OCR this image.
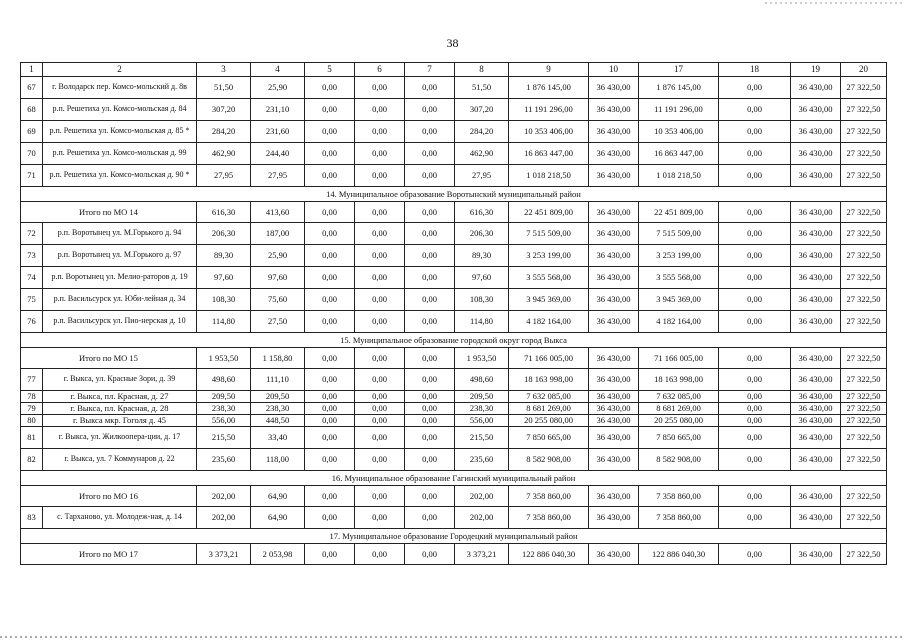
38
1	2	3	4	5	6	7	8	9	10	17	18	19	20
67	г. Володарск пер. Комсо-мольский д. 8в	51,50	25,90	0,00	0,00	0,00	51,50	1 876 145,00	36 430,00	1 876 145,00	0,00	36 430,00	27 322,50
68	р.п. Решетиха ул. Комсо-мольская д. 84	307,20	231,10	0,00	0,00	0,00	307,20	11 191 296,00	36 430,00	11 191 296,00	0,00	36 430,00	27 322,50
69	р.п. Решетиха ул. Комсо-мольская д. 85 *	284,20	231,60	0,00	0,00	0,00	284,20	10 353 406,00	36 430,00	10 353 406,00	0,00	36 430,00	27 322,50
70	р.п. Решетиха ул. Комсо-мольская д. 99	462,90	244,40	0,00	0,00	0,00	462,90	16 863 447,00	36 430,00	16 863 447,00	0,00	36 430,00	27 322,50
71	р.п. Решетиха ул. Комсо-мольская д. 90 *	27,95	27,95	0,00	0,00	0,00	27,95	1 018 218,50	36 430,00	1 018 218,50	0,00	36 430,00	27 322,50
14. Муниципальное образование Воротынский муниципальный район													
Итого по МО 14		616,30	413,60	0,00	0,00	0,00	616,30	22 451 809,00	36 430,00	22 451 809,00	0,00	36 430,00	27 322,50
72	р.п. Воротынец ул. М.Горького д. 94	206,30	187,00	0,00	0,00	0,00	206,30	7 515 509,00	36 430,00	7 515 509,00	0,00	36 430,00	27 322,50
73	р.п. Воротынец ул. М.Горького д. 97	89,30	25,90	0,00	0,00	0,00	89,30	3 253 199,00	36 430,00	3 253 199,00	0,00	36 430,00	27 322,50
74	р.п. Воротынец ул. Мелио-раторов д. 19	97,60	97,60	0,00	0,00	0,00	97,60	3 555 568,00	36 430,00	3 555 568,00	0,00	36 430,00	27 322,50
75	р.п. Васильсурск ул. Юби-лейная д. 34	108,30	75,60	0,00	0,00	0,00	108,30	3 945 369,00	36 430,00	3 945 369,00	0,00	36 430,00	27 322,50
76	р.п. Васильсурск ул. Пио-нерская д. 10	114,80	27,50	0,00	0,00	0,00	114,80	4 182 164,00	36 430,00	4 182 164,00	0,00	36 430,00	27 322,50
15. Муниципальное образование городской округ город Выкса													
Итого по МО 15		1 953,50	1 158,80	0,00	0,00	0,00	1 953,50	71 166 005,00	36 430,00	71 166 005,00	0,00	36 430,00	27 322,50
77	г. Выкса, ул. Красные Зори, д. 39	498,60	111,10	0,00	0,00	0,00	498,60	18 163 998,00	36 430,00	18 163 998,00	0,00	36 430,00	27 322,50
78	г. Выкса, пл. Красная, д. 27	209,50	209,50	0,00	0,00	0,00	209,50	7 632 085,00	36 430,00	7 632 085,00	0,00	36 430,00	27 322,50
79	г. Выкса, пл. Красная, д. 28	238,30	238,30	0,00	0,00	0,00	238,30	8 681 269,00	36 430,00	8 681 269,00	0,00	36 430,00	27 322,50
80	г. Выкса мкр. Гоголя д. 45	556,00	448,50	0,00	0,00	0,00	556,00	20 255 080,00	36 430,00	20 255 080,00	0,00	36 430,00	27 322,50
81	г. Выкса, ул. Жилкоопера-ции, д. 17	215,50	33,40	0,00	0,00	0,00	215,50	7 850 665,00	36 430,00	7 850 665,00	0,00	36 430,00	27 322,50
82	г. Выкса, ул. 7 Коммунаров д. 22	235,60	118,00	0,00	0,00	0,00	235,60	8 582 908,00	36 430,00	8 582 908,00	0,00	36 430,00	27 322,50
16. Муниципальное образование Гагинский муниципальный район													
Итого по МО 16		202,00	64,90	0,00	0,00	0,00	202,00	7 358 860,00	36 430,00	7 358 860,00	0,00	36 430,00	27 322,50
83	с. Тарханово, ул. Молодеж-ная, д. 14	202,00	64,90	0,00	0,00	0,00	202,00	7 358 860,00	36 430,00	7 358 860,00	0,00	36 430,00	27 322,50
17. Муниципальное образование Городецкий муниципальный район													
Итого по МО 17		3 373,21	2 053,98	0,00	0,00	0,00	3 373,21	122 886 040,30	36 430,00	122 886 040,30	0,00	36 430,00	27 322,50
